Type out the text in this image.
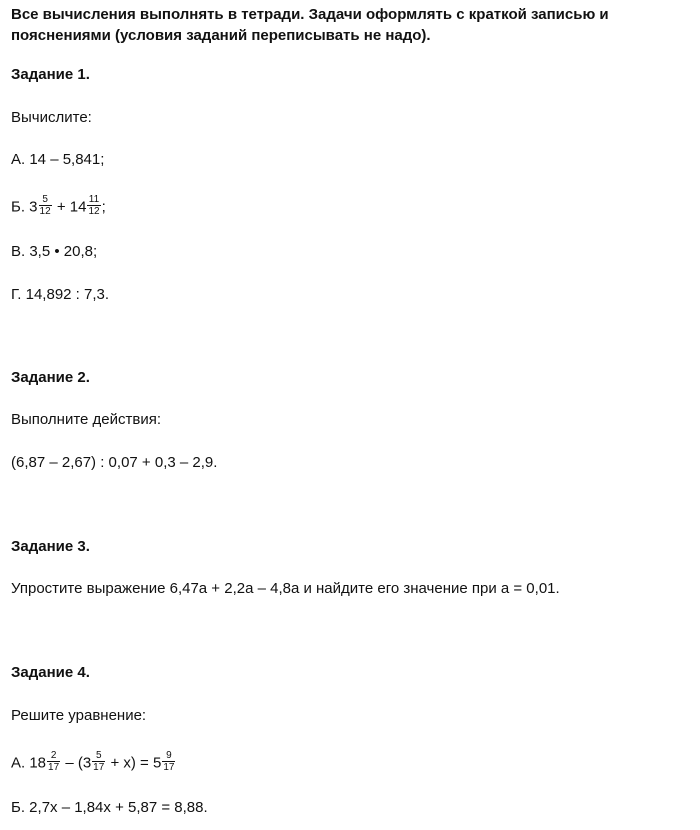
Все вычисления выполнять в тетради. Задачи оформлять с краткой записью и пояснениями (условия заданий переписывать не надо).
Задание 1.
Вычислите:
А. 14 – 5,841;
Б. $3 \frac{5}{12} + 14 \frac{11}{12}$ ;
В. 3,5 • 20,8;
Г. 14,892 : 7,3.
Задание 2.
Выполните действия:
(6,87 – 2,67) : 0,07 + 0,3 – 2,9.
Задание 3.
Упростите выражение 6,47a + 2,2a – 4,8a и найдите его значение при a = 0,01.
Задание 4.
Решите уравнение:
А. $18 \frac{2}{17} - (3 \frac{5}{17} + x) = 5 \frac{9}{17}$
Б. 2,7x – 1,84x + 5,87 = 8,88.
